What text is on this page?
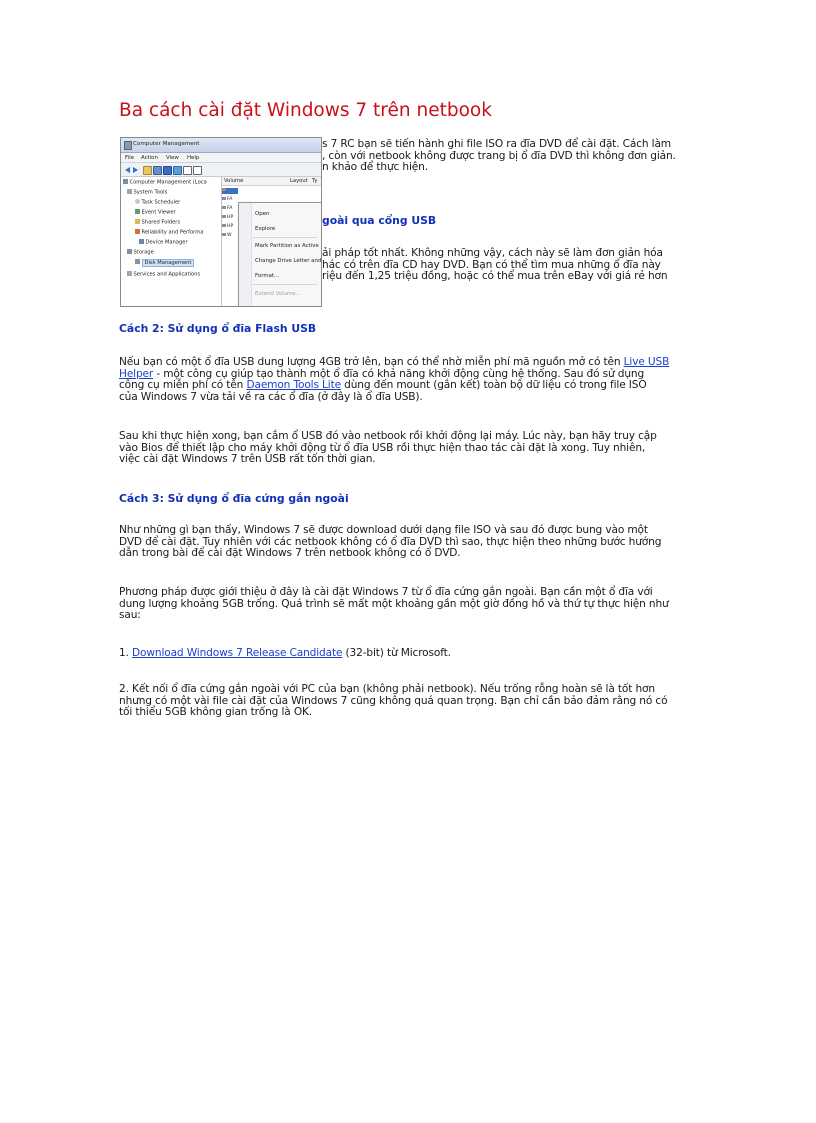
Ba cách cài đặt Windows 7 trên netbook
Computer Management
File Action View Help
Computer Management (Loca
System Tools
Task Scheduler
Event Viewer
Shared Folders
Reliability and Performa
Device Manager
Storage
Disk Management
Services and Applications
Volume	Layout Ty
FA
FA
HP
HP
W
Open
Explore
Mark Partition as Active
Change Drive Letter and
Format...
Extend Volume...
s 7 RC bạn sẽ tiến hành ghi file ISO ra đĩa DVD để cài đặt. Cách làm
, còn với netbook không được trang bị ổ đĩa DVD thì không đơn giản.
n khảo để thực hiện.
goài qua cổng USB
ải pháp tốt nhất. Không những vậy, cách này sẽ làm đơn giản hóa
hác có trên đĩa CD hay DVD. Bạn có thể tìm mua những ổ đĩa này
riệu đến 1,25 triệu đồng, hoặc có thể mua trên eBay với giá rẻ hơn
Cách 2: Sử dụng ổ đĩa Flash USB
Nếu bạn có một ổ đĩa USB dung lượng 4GB trở lên, bạn có thể nhờ miễn phí mã nguồn mở có tên Live USB
Helper - một công cụ giúp tạo thành một ổ đĩa có khả năng khởi động cùng hệ thống. Sau đó sử dụng
công cụ miễn phí có tên Daemon Tools Lite dùng đến mount (gắn kết) toàn bộ dữ liệu có trong file ISO
của Windows 7 vừa tải về ra các ổ đĩa (ở đây là ổ đĩa USB).
Sau khi thực hiện xong, bạn cắm ổ USB đó vào netbook rồi khởi động lại máy. Lúc này, bạn hãy truy cập
vào Bios để thiết lập cho máy khởi động từ ổ đĩa USB rồi thực hiện thao tác cài đặt là xong. Tuy nhiên,
việc cài đặt Windows 7 trên USB rất tốn thời gian.
Cách 3: Sử dụng ổ đĩa cứng gắn ngoài
Như những gì bạn thấy, Windows 7 sẽ được download dưới dạng file ISO và sau đó được bung vào một
DVD để cài đặt. Tuy nhiên với các netbook không có ổ đĩa DVD thì sao, thực hiện theo những bước hướng
dẫn trong bài để cài đặt Windows 7 trên netbook không có ổ DVD.
Phương pháp được giới thiệu ở đây là cài đặt Windows 7 từ ổ đĩa cứng gắn ngoài. Bạn cần một ổ đĩa với
dung lượng khoảng 5GB trống. Quá trình sẽ mất một khoảng gần một giờ đồng hồ và thứ tự thực hiện như
sau:
1. Download Windows 7 Release Candidate (32-bit) từ Microsoft.
2. Kết nối ổ đĩa cứng gắn ngoài với PC của bạn (không phải netbook). Nếu trống rỗng hoàn sẽ là tốt hơn
nhưng có một vài file cài đặt của Windows 7 cũng không quá quan trọng. Bạn chỉ cần bảo đảm rằng nó có
tối thiểu 5GB không gian trống là OK.
